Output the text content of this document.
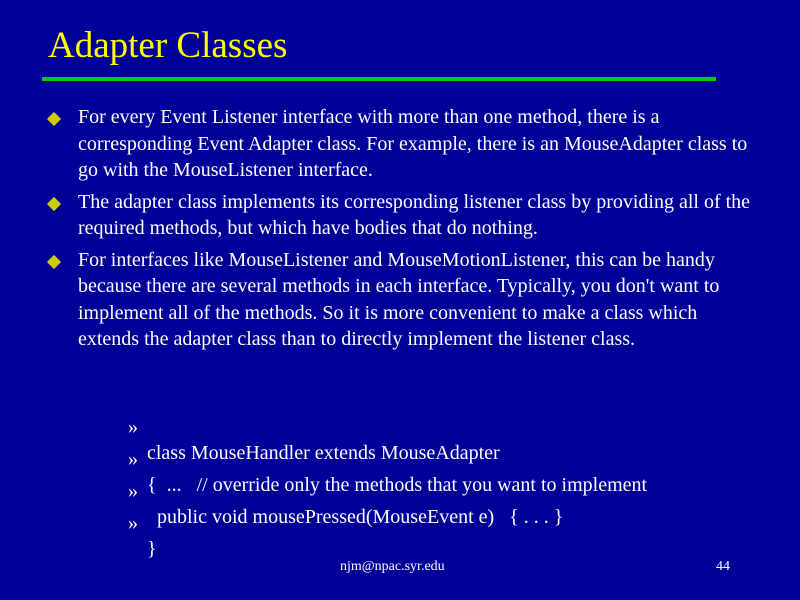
Adapter Classes
For every Event Listener interface with more than one method, there is a corresponding Event Adapter class. For example, there is an MouseAdapter class to go with the MouseListener interface.
The adapter class implements its corresponding listener class by providing all of the required methods, but which have bodies that do nothing.
For interfaces like MouseListener and MouseMotionListener, this can be handy because there are several methods in each interface. Typically, you don't want to implement all of the methods. So it is more convenient to make a class which extends the adapter class than to directly implement the listener class.

»

class MouseHandler extends MouseAdapter

»

{  ...   // override only the methods that you want to implement

»

public void mousePressed(MouseEvent e)   { . . . }

»

}

njm@npac.syr.edu	44
